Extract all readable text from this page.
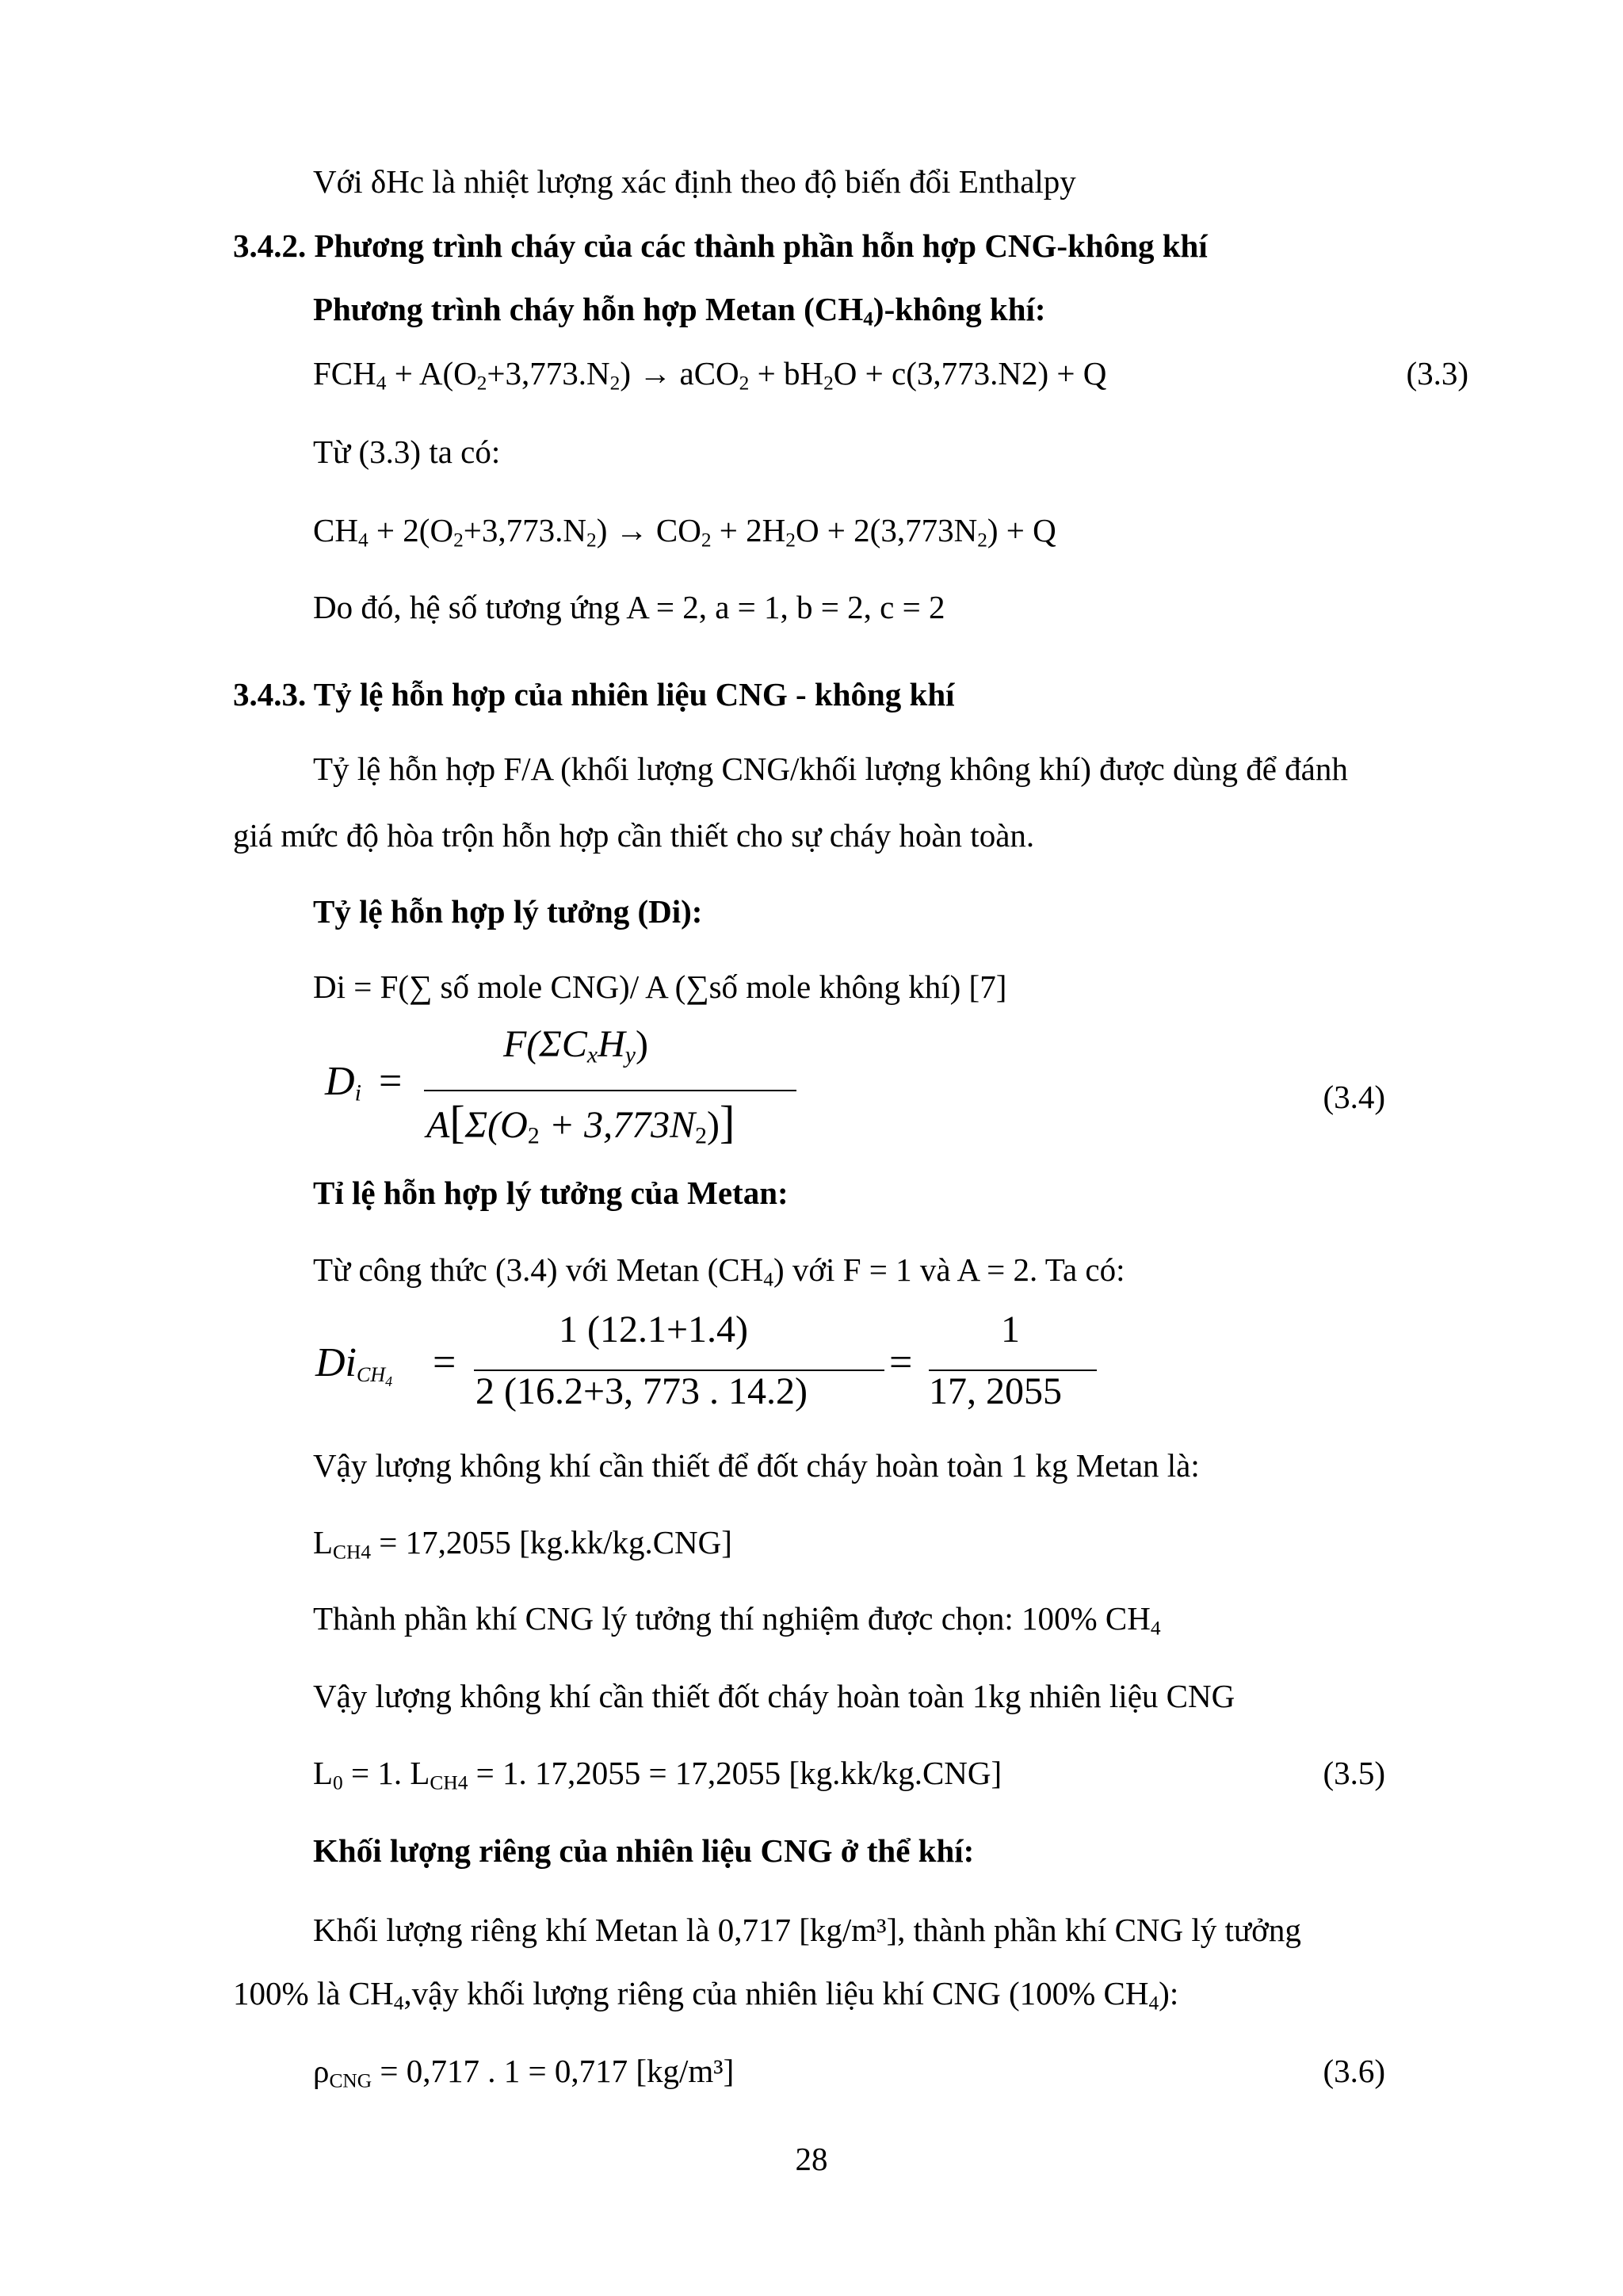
Với δHc là nhiệt lượng xác định theo độ biến đổi Enthalpy
3.4.2. Phương trình cháy của các thành phần hỗn hợp CNG-không khí
Phương trình cháy hỗn hợp Metan $(CH_4)$-không khí:
$FCH_4 + A(O_2+3,773.N_2) \to aCO_2 + bH_2O + c(3,773.N2) + Q$	(3.3)
Từ (3.3) ta có:
$CH_4 + 2(O_2+3,773.N_2) \to CO_2 + 2H_2O + 2(3,773N_2) + Q$
Do đó, hệ số tương ứng A = 2, a = 1, b = 2, c = 2
3.4.3. Tỷ lệ hỗn hợp của nhiên liệu CNG - không khí
Tỷ lệ hỗn hợp F/A (khối lượng CNG/khối lượng không khí) được dùng để đánh
giá mức độ hòa trộn hỗn hợp cần thiết cho sự cháy hoàn toàn.
Tỷ lệ hỗn hợp lý tưởng (Di):
Di = F(∑ số mole CNG)/ A (∑số mole không khí) [7]
$D_i$ =
$F(\Sigma C_xH_y)$
$A[\Sigma(O_2 + 3,773N_2)]$	(3.4)
Tỉ lệ hỗn hợp lý tưởng của Metan:
Từ công thức (3.4) với Metan $(CH_4)$ với F = 1 và A = 2. Ta có:
$Di_{CH_4}$ =
1 (12.1+1.4)
2 (16.2+3, 773 . 14.2)
=
1
17, 2055
Vậy lượng không khí cần thiết để đốt cháy hoàn toàn 1 kg Metan là:
$L_{CH4} = 17,2055$ [kg.kk/kg.CNG]
Thành phần khí CNG lý tưởng thí nghiệm được chọn: 100% $CH_4$
Vậy lượng không khí cần thiết đốt cháy hoàn toàn 1kg nhiên liệu CNG
$L_0 = 1$. $L_{CH4} = 1$. 17,2055 = 17,2055 [kg.kk/kg.CNG]	(3.5)
Khối lượng riêng của nhiên liệu CNG ở thể khí:
Khối lượng riêng khí Metan là 0,717 [kg/m³], thành phần khí CNG lý tưởng
100% là $CH_4,vậy$ khối lượng riêng của nhiên liệu khí CNG (100% $CH_4$):
$\rho_{CNG} = 0,717$ . 1 = 0,717 [kg/m³]	(3.6)
28
